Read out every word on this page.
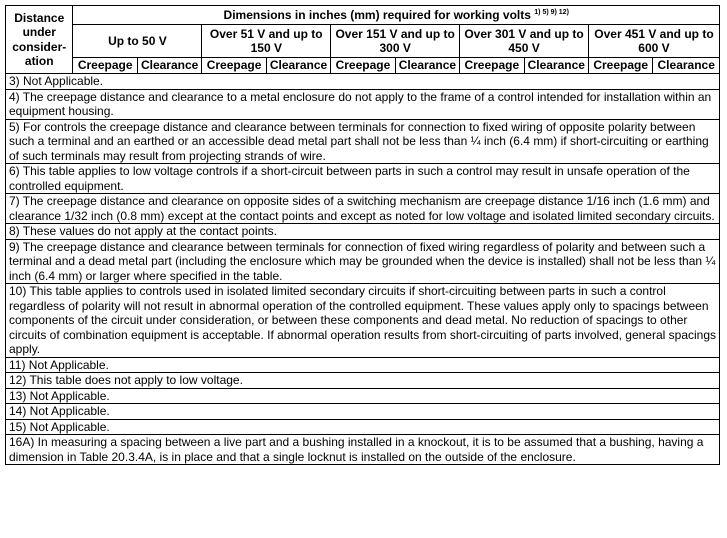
Distance under consider-ation	Dimensions in inches (mm) required for working volts $^{1) 5) 9) 12)}$
	Up to 50 V		Over 51 V and up to 150 V		Over 151 V and up to 300 V		Over 301 V and up to 450 V		Over 451 V and up to 600 V	
	Creepage	Clearance	Creepage	Clearance	Creepage	Clearance	Creepage	Clearance	Creepage	Clearance
3) Not Applicable.										
4) The creepage distance and clearance to a metal enclosure do not apply to the frame of a control intended for installation within an equipment housing.										
5) For controls the creepage distance and clearance between terminals for connection to fixed wiring of opposite polarity between such a terminal and an earthed or an accessible dead metal part shall not be less than ¼ inch (6.4 mm) if short-circuiting or earthing of such terminals may result from projecting strands of wire.										
6) This table applies to low voltage controls if a short-circuit between parts in such a control may result in unsafe operation of the controlled equipment.										
7) The creepage distance and clearance on opposite sides of a switching mechanism are creepage distance 1/16 inch (1.6 mm) and clearance 1/32 inch (0.8 mm) except at the contact points and except as noted for low voltage and isolated limited secondary circuits.										
8) These values do not apply at the contact points.										
9) The creepage distance and clearance between terminals for connection of fixed wiring regardless of polarity and between such a terminal and a dead metal part (including the enclosure which may be grounded when the device is installed) shall not be less than ¼ inch (6.4 mm) or larger where specified in the table.										
10) This table applies to controls used in isolated limited secondary circuits if short-circuiting between parts in such a control regardless of polarity will not result in abnormal operation of the controlled equipment. These values apply only to spacings between components of the circuit under consideration, or between these components and dead metal. No reduction of spacings to other circuits of combination equipment is acceptable. If abnormal operation results from short-circuiting of parts involved, general spacings apply.										
11) Not Applicable.										
12) This table does not apply to low voltage.										
13) Not Applicable.										
14) Not Applicable.										
15) Not Applicable.										
16A) In measuring a spacing between a live part and a bushing installed in a knockout, it is to be assumed that a bushing, having a dimension in Table 20.3.4A, is in place and that a single locknut is installed on the outside of the enclosure.										
